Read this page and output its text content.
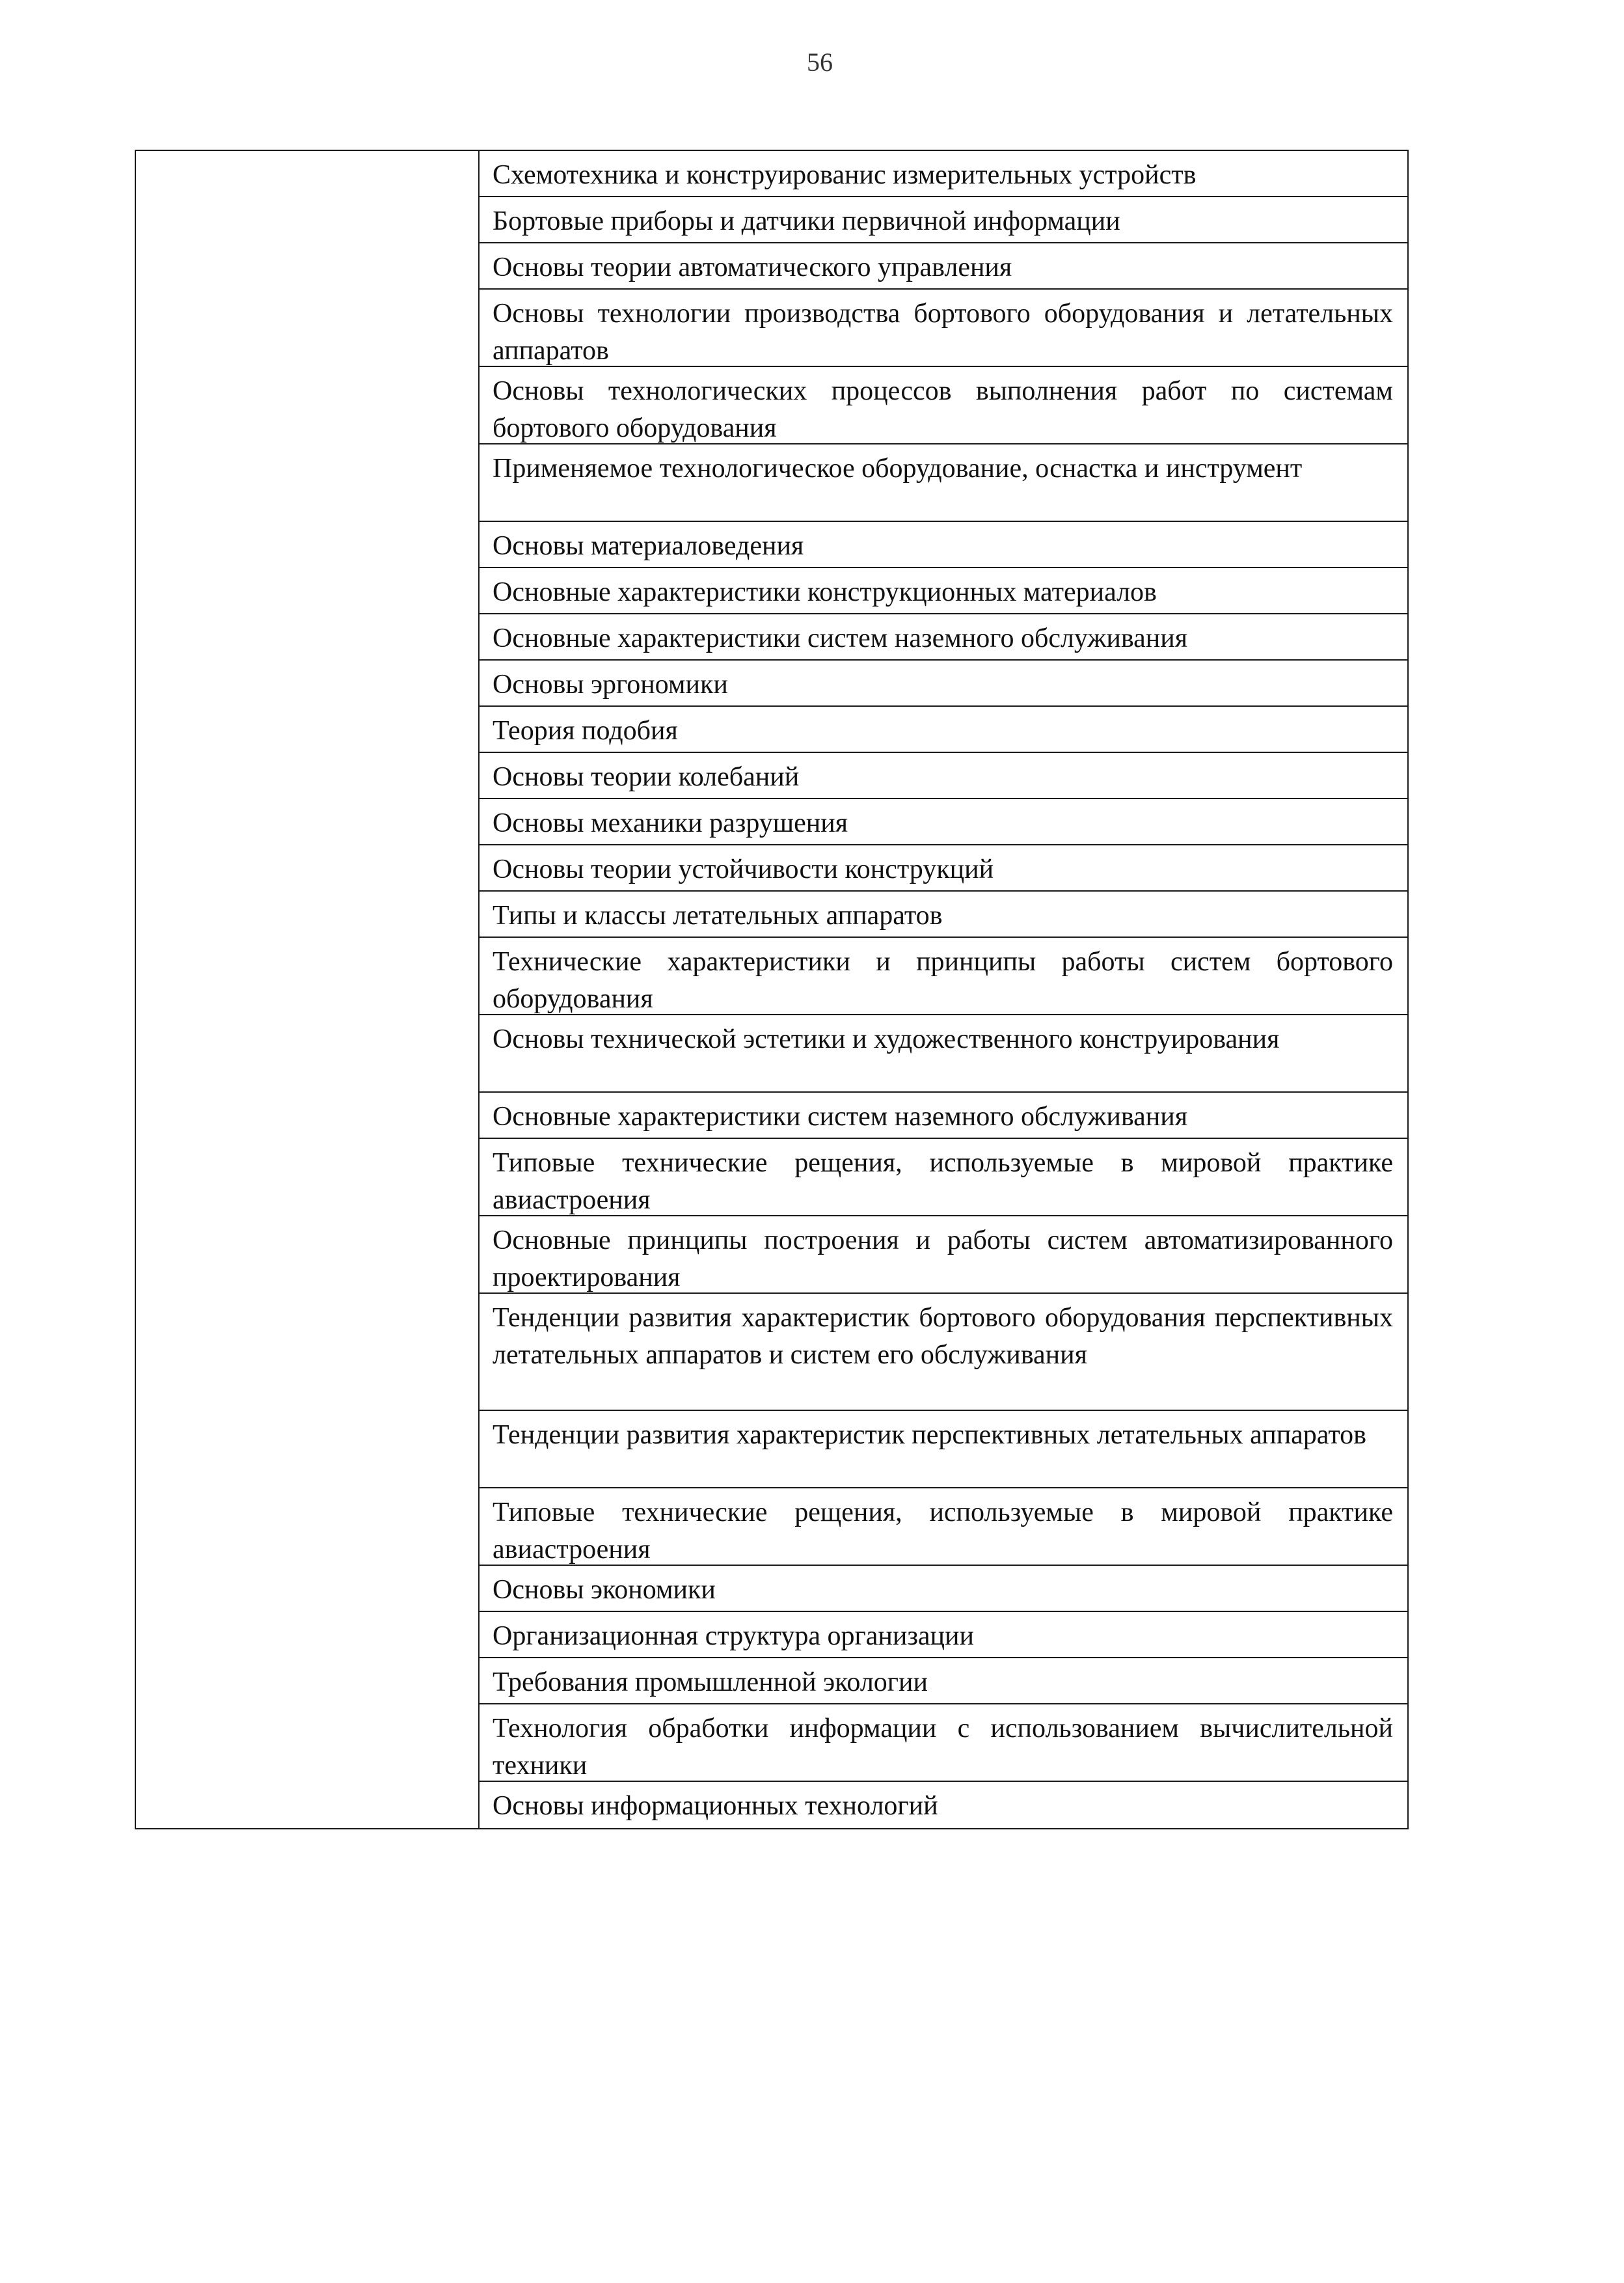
56

Схемотехника и конструированис измерительных устройств
Бортовые приборы и датчики первичной информации
Основы теории автоматического управления
Основы технологии производства бортового оборудования и летательных аппаратов
Основы технологических процессов выполнения работ по системам бортового оборудования
Применяемое технологическое оборудование, оснастка и инструмент
Основы материаловедения
Основные характеристики конструкционных материалов
Основные характеристики систем наземного обслуживания
Основы эргономики
Теория подобия
Основы теории колебаний
Основы механики разрушения
Основы теории устойчивости конструкций
Типы и классы летательных аппаратов
Технические характеристики и принципы работы систем бортового оборудования
Основы технической эстетики и художественного конструирования
Основные характеристики систем наземного обслуживания
Типовые технические рещения, используемые в мировой практике авиастроения
Основные принципы построения и работы систем автоматизированного проектирования
Тенденции развития характеристик бортового оборудования перспективных летательных аппаратов и систем его обслуживания
Тенденции развития характеристик перспективных летательных аппаратов
Типовые технические рещения, используемые в мировой практике авиастроения
Основы экономики
Организационная структура организации
Требования промышленной экологии
Технология обработки информации с использованием вычислительной техники
Основы информационных технологий
